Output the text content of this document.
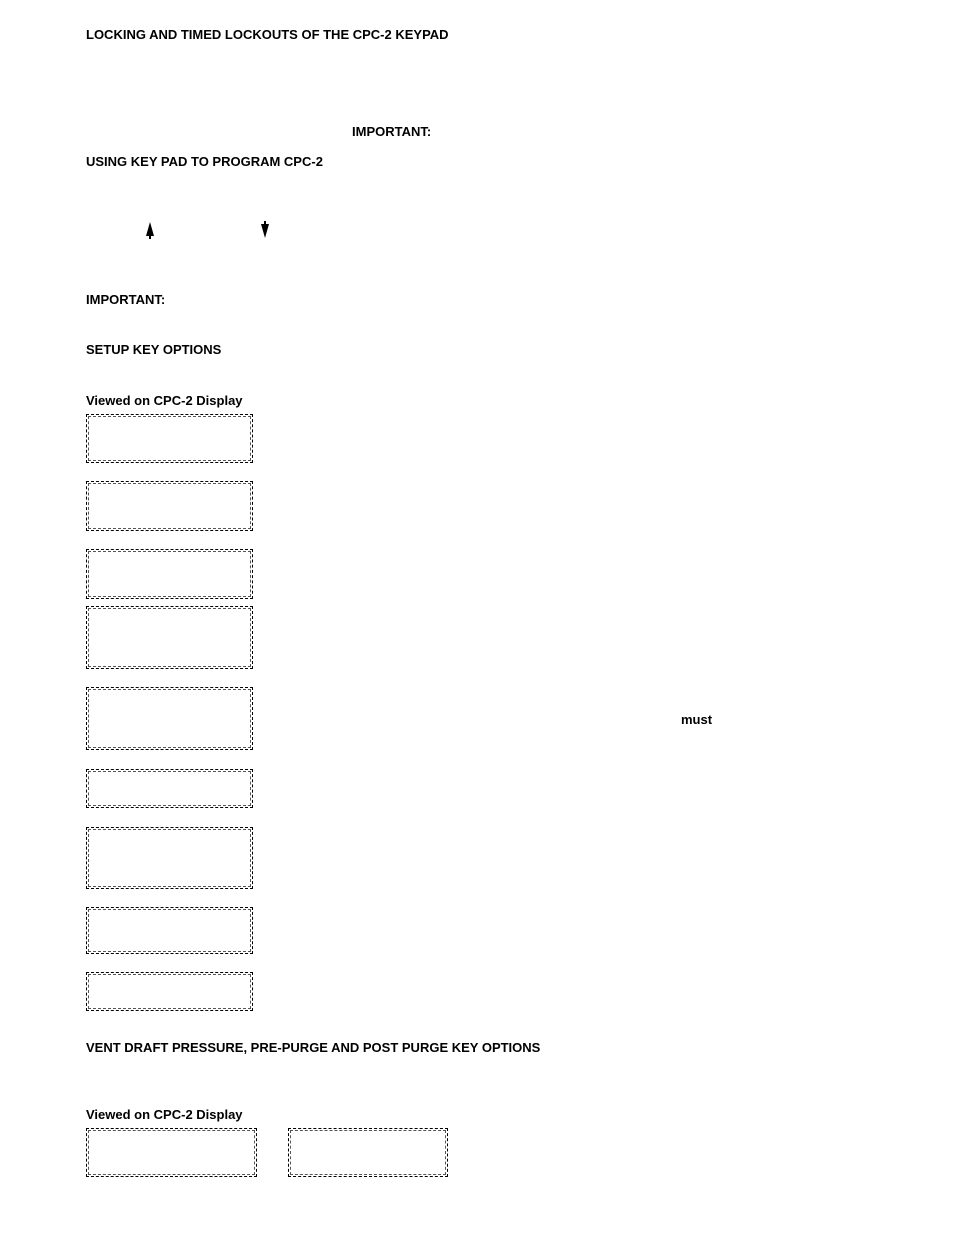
LOCKING AND TIMED LOCKOUTS OF THE CPC-2 KEYPAD
IMPORTANT:
USING KEY PAD TO PROGRAM CPC-2
IMPORTANT:
SETUP KEY OPTIONS
Viewed on CPC-2 Display
must
VENT DRAFT PRESSURE, PRE-PURGE AND POST PURGE KEY OPTIONS
Viewed on CPC-2 Display
